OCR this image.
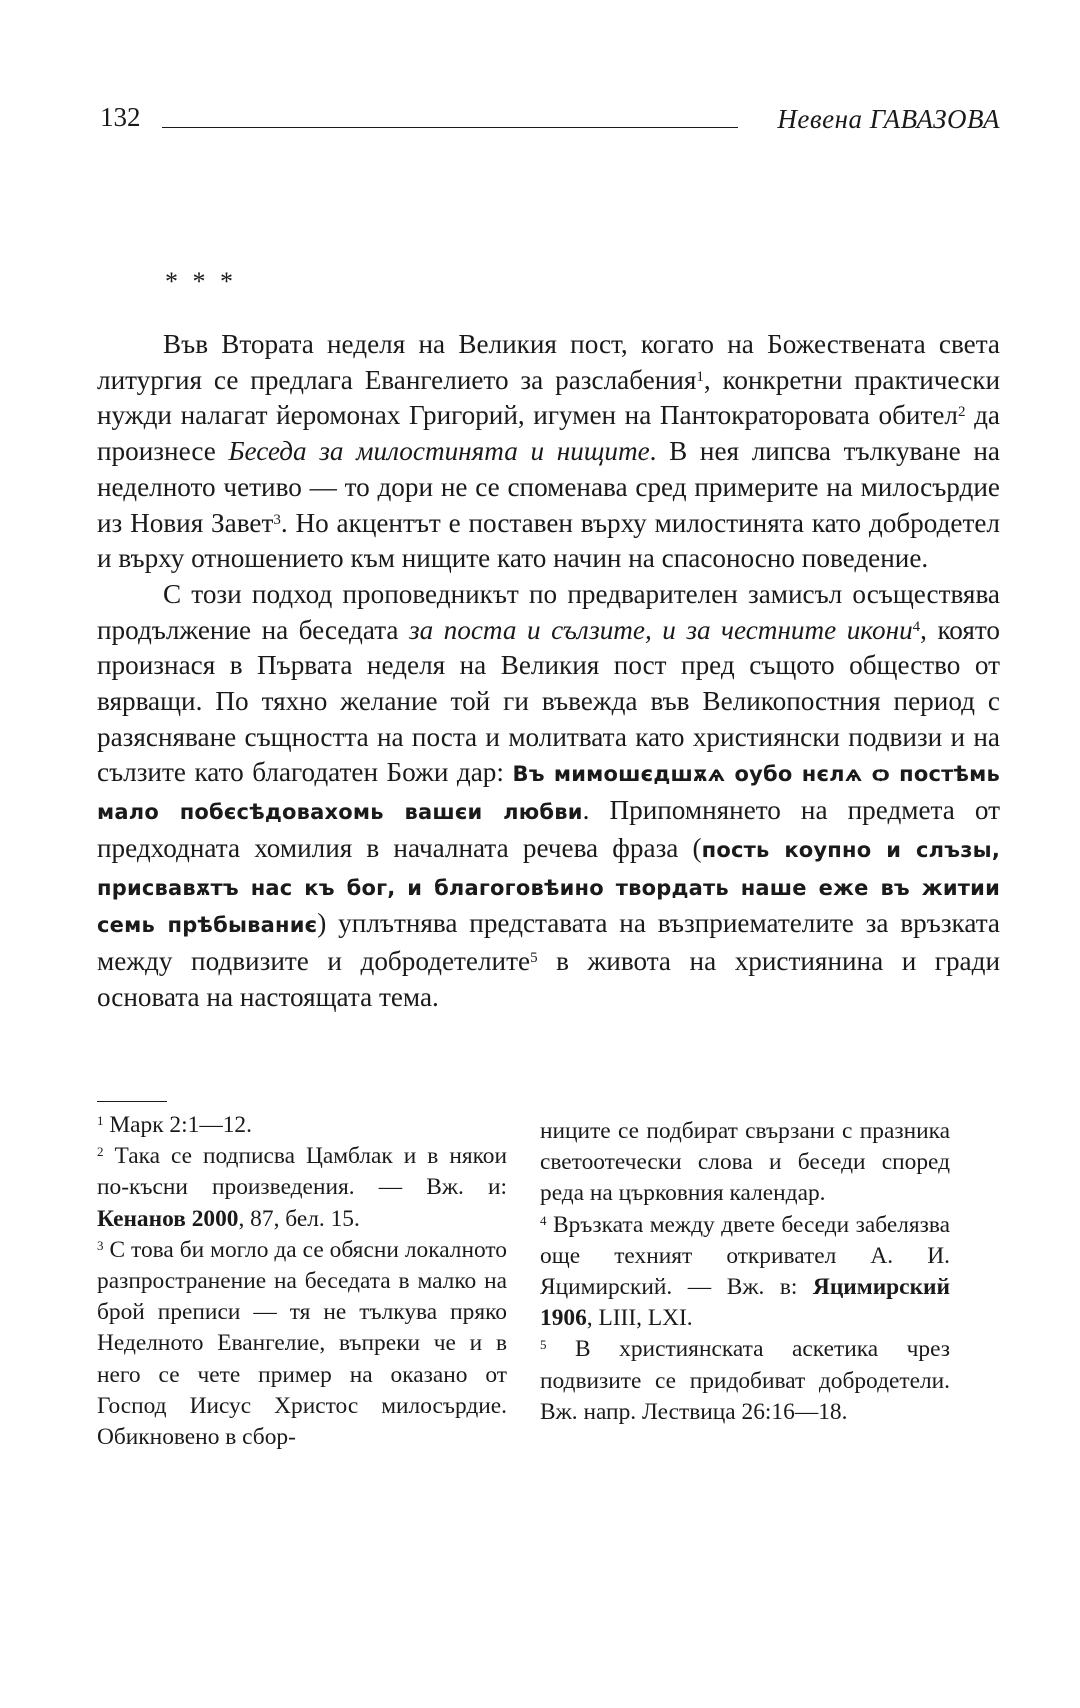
132	Невена ГАВАЗОВА
* * *

Във Втората неделя на Великия пост, когато на Божествената света литургия се предлага Евангелието за разслабения$^1$, конкретни практически нужди налагат йеромонах Григорий, игумен на Пантократоровата обител$^2$ да произнесе Беседа за милостинята и нищите. В нея липсва тълкуване на неделното четиво — то дори не се споменава сред примерите на милосърдие из Новия Завет$^3$. Но акцентът е поставен върху милостинята като добродетел и върху отношението към нищите като начин на спасоносно поведение.

С този подход проповедникът по предварителен замисъл осъществява продължение на беседата за поста и сълзите, и за честните икони$^4$, която произнася в Първата неделя на Великия пост пред същото общество от вярващи. По тяхно желание той ги въвежда във Великопостния период с разясняване същността на поста и молитвата като християнски подвизи и на сълзите като благодатен Божи дар: Въ мимошєдшѫѧ оубо нєлѧ ѻ постѣмь мало побєсѣдовахомь вашєи любви. Припомнянето на предмета от предходната хомилия в началната речева фраза (пость коупно и слъзы, присвавѫтъ нас къ бог, и благоговѣино твордать наше еже въ житии семь прѣбываниє) уплътнява представата на възприемателите за връзката между подвизите и добродетелите$^5$ в живота на християнина и гради основата на настоящата тема.

$^1$ Марк 2:1—12.

$^2$ Така се подписва Цамблак и в някои по-късни произведения. — Вж. и: Кенанов 2000, 87, бел. 15.

$^3$ С това би могло да се обясни локалното разпространение на беседата в малко на брой преписи — тя не тълкува пряко Неделното Евангелие, въпреки че и в него се чете пример на оказано от Господ Иисус Христос милосърдие. Обикновено в сбор-

ниците се подбират свързани с празника светоотечески слова и беседи според реда на църковния календар.

$^4$ Връзката между двете беседи забелязва още техният откривател А. И. Яцимирский. — Вж. в: Яцимирский 1906, LIII, LXI.

$^5$ В християнската аскетика чрез подвизите се придобиват добродетели. Вж. напр. Лествица 26:16—18.
